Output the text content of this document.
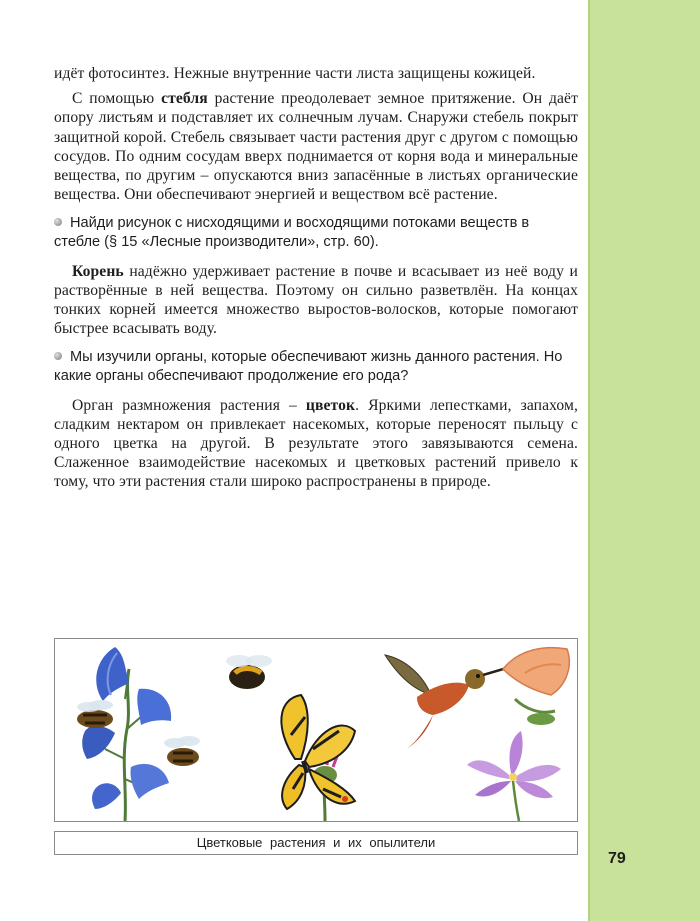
79

идёт фотосинтез. Нежные внутренние части листа защищены кожицей.

С помощью стебля растение преодолевает земное притяжение. Он даёт опору листьям и подставляет их солнечным лучам. Снаружи стебель покрыт защитной корой. Стебель связывает части растения друг с другом с помощью сосудов. По одним сосудам вверх поднимается от корня вода и минеральные вещества, по другим – опускаются вниз запасённые в листьях органические вещества. Они обеспечивают энергией и веществом всё растение.

Найди рисунок с нисходящими и восходящими потоками веществ в стебле (§ 15 «Лесные производители», стр. 60).

Корень надёжно удерживает растение в почве и всасывает из неё воду и растворённые в ней вещества. Поэтому он сильно разветвлён. На концах тонких корней имеется множество выростов-волосков, которые помогают быстрее всасывать воду.

Мы изучили органы, которые обеспечивают жизнь данного растения. Но какие органы обеспечивают продолжение его рода?

Орган размножения растения – цветок. Яркими лепестками, запахом, сладким нектаром он привлекает насекомых, которые переносят пыльцу с одного цветка на другой. В результате этого завязываются семена. Слаженное взаимодействие насекомых и цветковых растений привело к тому, что эти растения стали широко распространены в природе.

Цветковые растения и их опылители
